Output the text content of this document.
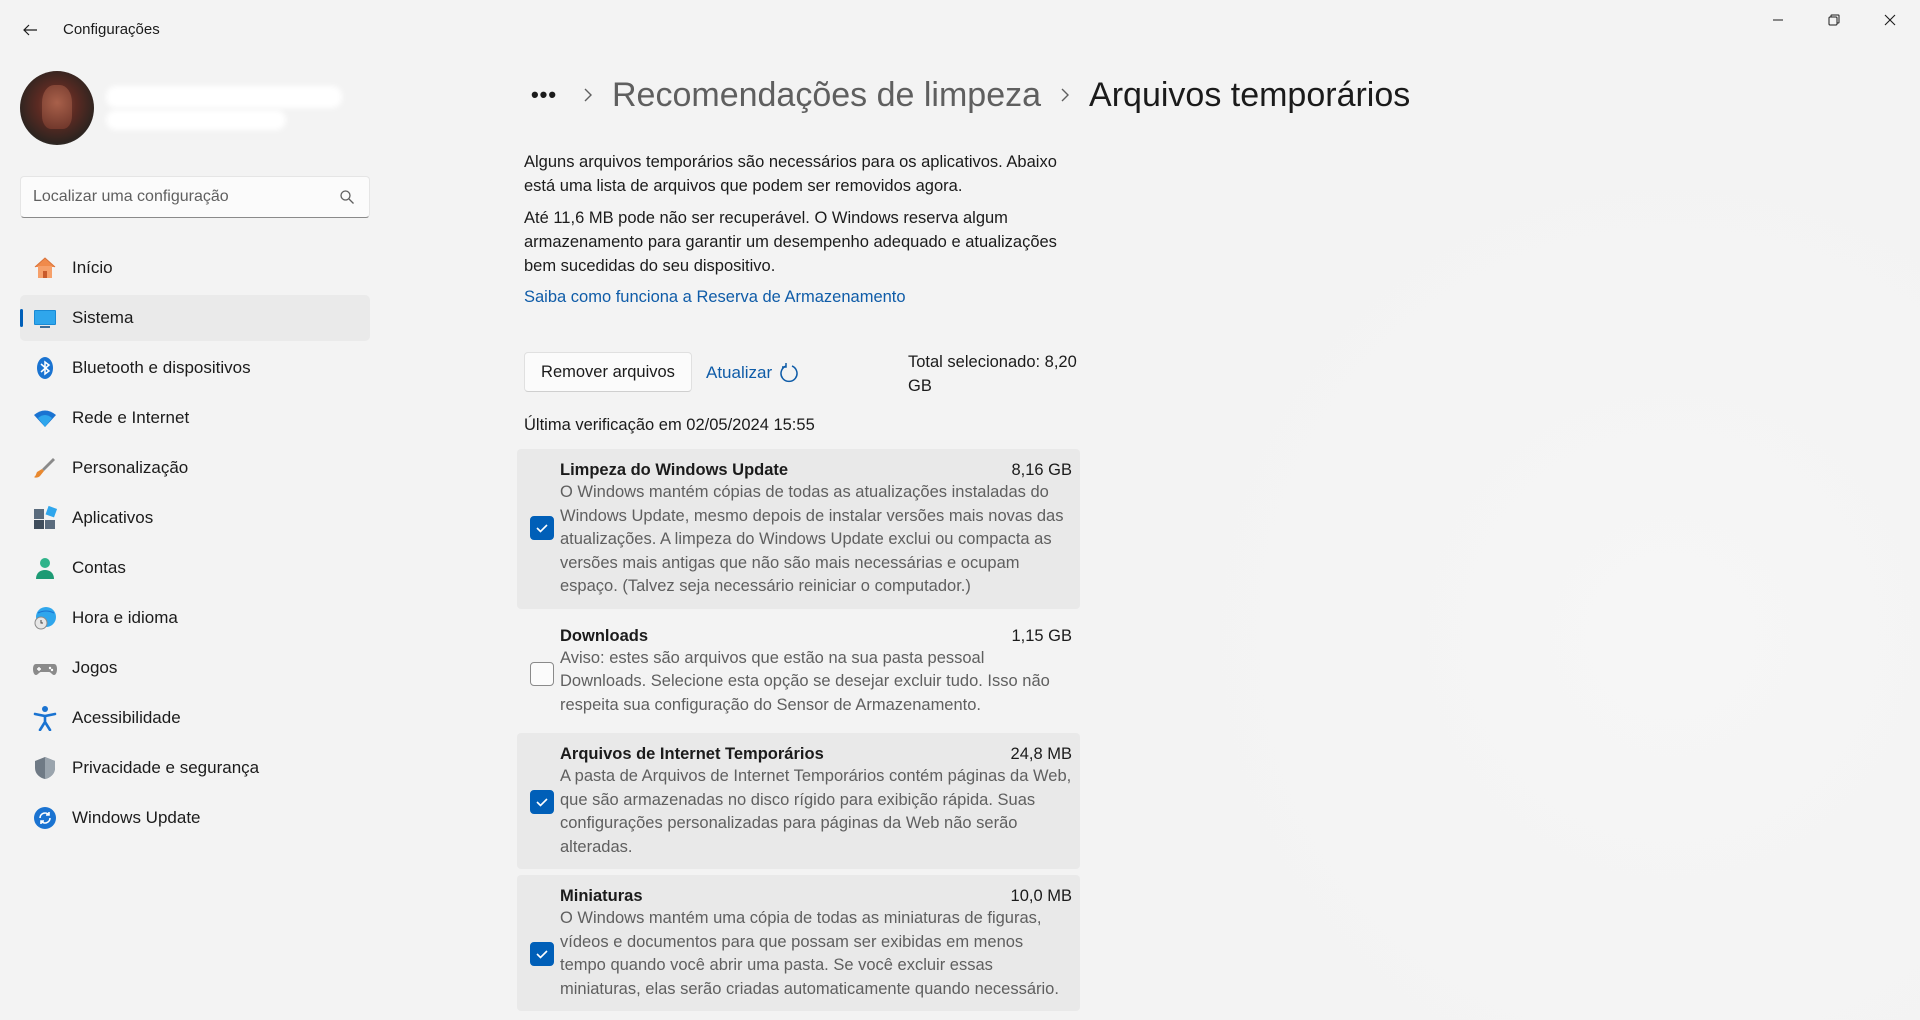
Configurações
Localizar uma configuração
Início
Sistema
Bluetooth e dispositivos
Rede e Internet
Personalização
Aplicativos
Contas
Hora e idioma
Jogos
Acessibilidade
Privacidade e segurança
Windows Update
••• Recomendações de limpeza Arquivos temporários

Alguns arquivos temporários são necessários para os aplicativos. Abaixo está uma lista de arquivos que podem ser removidos agora.

Até 11,6 MB pode não ser recuperável. O Windows reserva algum armazenamento para garantir um desempenho adequado e atualizações bem sucedidas do seu dispositivo.

Saiba como funciona a Reserva de Armazenamento
Remover arquivos	Atualizar
Total selecionado: 8,20 GB
Última verificação em 02/05/2024 15:55
Limpeza do Windows Update	8,16 GB
O Windows mantém cópias de todas as atualizações instaladas do Windows Update, mesmo depois de instalar versões mais novas das atualizações. A limpeza do Windows Update exclui ou compacta as versões mais antigas que não são mais necessárias e ocupam espaço. (Talvez seja necessário reiniciar o computador.)
Downloads	1,15 GB
Aviso: estes são arquivos que estão na sua pasta pessoal Downloads. Selecione esta opção se desejar excluir tudo. Isso não respeita sua configuração do Sensor de Armazenamento.
Arquivos de Internet Temporários	24,8 MB
A pasta de Arquivos de Internet Temporários contém páginas da Web, que são armazenadas no disco rígido para exibição rápida. Suas configurações personalizadas para páginas da Web não serão alteradas.
Miniaturas	10,0 MB
O Windows mantém uma cópia de todas as miniaturas de figuras, vídeos e documentos para que possam ser exibidas em menos tempo quando você abrir uma pasta. Se você excluir essas miniaturas, elas serão criadas automaticamente quando necessário.
